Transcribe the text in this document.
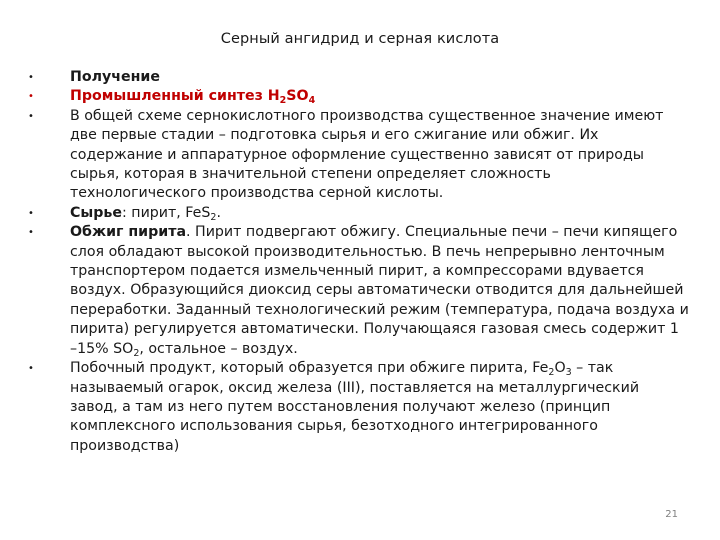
Серный ангидрид и серная кислота
•	Получение
•	Промышленный синтез $H_2SO_4$
•	В общей схеме сернокислотного производства существенное значение имеют две первые стадии – подготовка сырья и его сжигание или обжиг. Их содержание и аппаратурное оформление существенно зависят от природы сырья, которая в значительной степени определяет сложность технологического производства серной кислоты.
•	Сырье: пирит, FeS$_2$.
•	Обжиг пирита. Пирит подвергают обжигу. Специальные печи – печи кипящего слоя обладают высокой производительностью. В печь непрерывно ленточным транспортером подается измельченный пирит, а компрессорами вдувается воздух. Образующийся диоксид серы автоматически отводится для дальнейшей переработки. Заданный технологический режим (температура, подача воздуха и пирита) регулируется автоматически. Получающаяся газовая смесь содержит 1 –15% $SO_2$, остальное – воздух.
•	Побочный продукт, который образуется при обжиге пирита, $Fe_2O_3$ – так называемый огарок, оксид железа (III), поставляется на металлургический завод, а там из него путем восстановления получают железо (принцип комплексного использования сырья, безотходного интегрированного производства)
21
